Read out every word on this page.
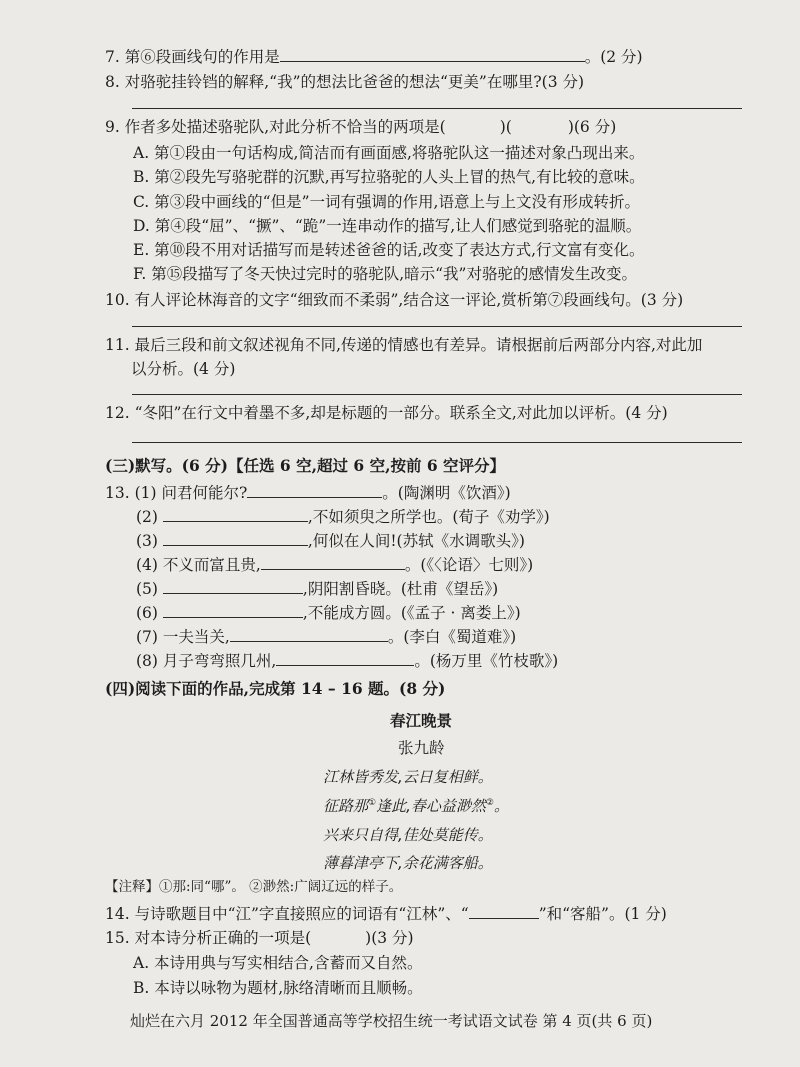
7. 第⑥段画线句的作用是	。(2 分)
8. 对骆驼挂铃铛的解释,“我”的想法比爸爸的想法“更美”在哪里?(3 分)
9. 作者多处描述骆驼队,对此分析不恰当的两项是(	)(	)(6 分)
A. 第①段由一句话构成,简洁而有画面感,将骆驼队这一描述对象凸现出来。
B. 第②段先写骆驼群的沉默,再写拉骆驼的人头上冒的热气,有比较的意味。
C. 第③段中画线的“但是”一词有强调的作用,语意上与上文没有形成转折。
D. 第④段“屈”、“撅”、“跪”一连串动作的描写,让人们感觉到骆驼的温顺。
E. 第⑩段不用对话描写而是转述爸爸的话,改变了表达方式,行文富有变化。
F. 第⑮段描写了冬天快过完时的骆驼队,暗示“我”对骆驼的感情发生改变。
10. 有人评论林海音的文字“细致而不柔弱”,结合这一评论,赏析第⑦段画线句。(3 分)
11. 最后三段和前文叙述视角不同,传递的情感也有差异。请根据前后两部分内容,对此加
以分析。(4 分)
12. “冬阳”在行文中着墨不多,却是标题的一部分。联系全文,对此加以评析。(4 分)
(三)默写。(6 分)【任选 6 空,超过 6 空,按前 6 空评分】
13. (1) 问君何能尔?	。(陶渊明《饮酒》)
(2)	,不如须臾之所学也。(荀子《劝学》)
(3)	,何似在人间!(苏轼《水调歌头》)
(4) 不义而富且贵,	。(《〈论语〉七则》)
(5)	,阴阳割昏晓。(杜甫《望岳》)
(6)	,不能成方圆。(《孟子 · 离娄上》)
(7) 一夫当关,	。(李白《蜀道难》)
(8) 月子弯弯照几州,	。(杨万里《竹枝歌》)
(四)阅读下面的作品,完成第 14 – 16 题。(8 分)
春江晚景
张九龄
江林皆秀发,云日复相鲜。
征路那①逢此,春心益渺然②。
兴来只自得,佳处莫能传。
薄暮津亭下,余花满客船。
【注释】①那:同“哪”。 ②渺然:广阔辽远的样子。
14. 与诗歌题目中“江”字直接照应的词语有“江林”、“	”和“客船”。(1 分)
15. 对本诗分析正确的一项是(	)(3 分)
A. 本诗用典与写实相结合,含蓄而又自然。
B. 本诗以咏物为题材,脉络清晰而且顺畅。
灿烂在六月 2012 年全国普通高等学校招生统一考试语文试卷 第 4 页(共 6 页)
